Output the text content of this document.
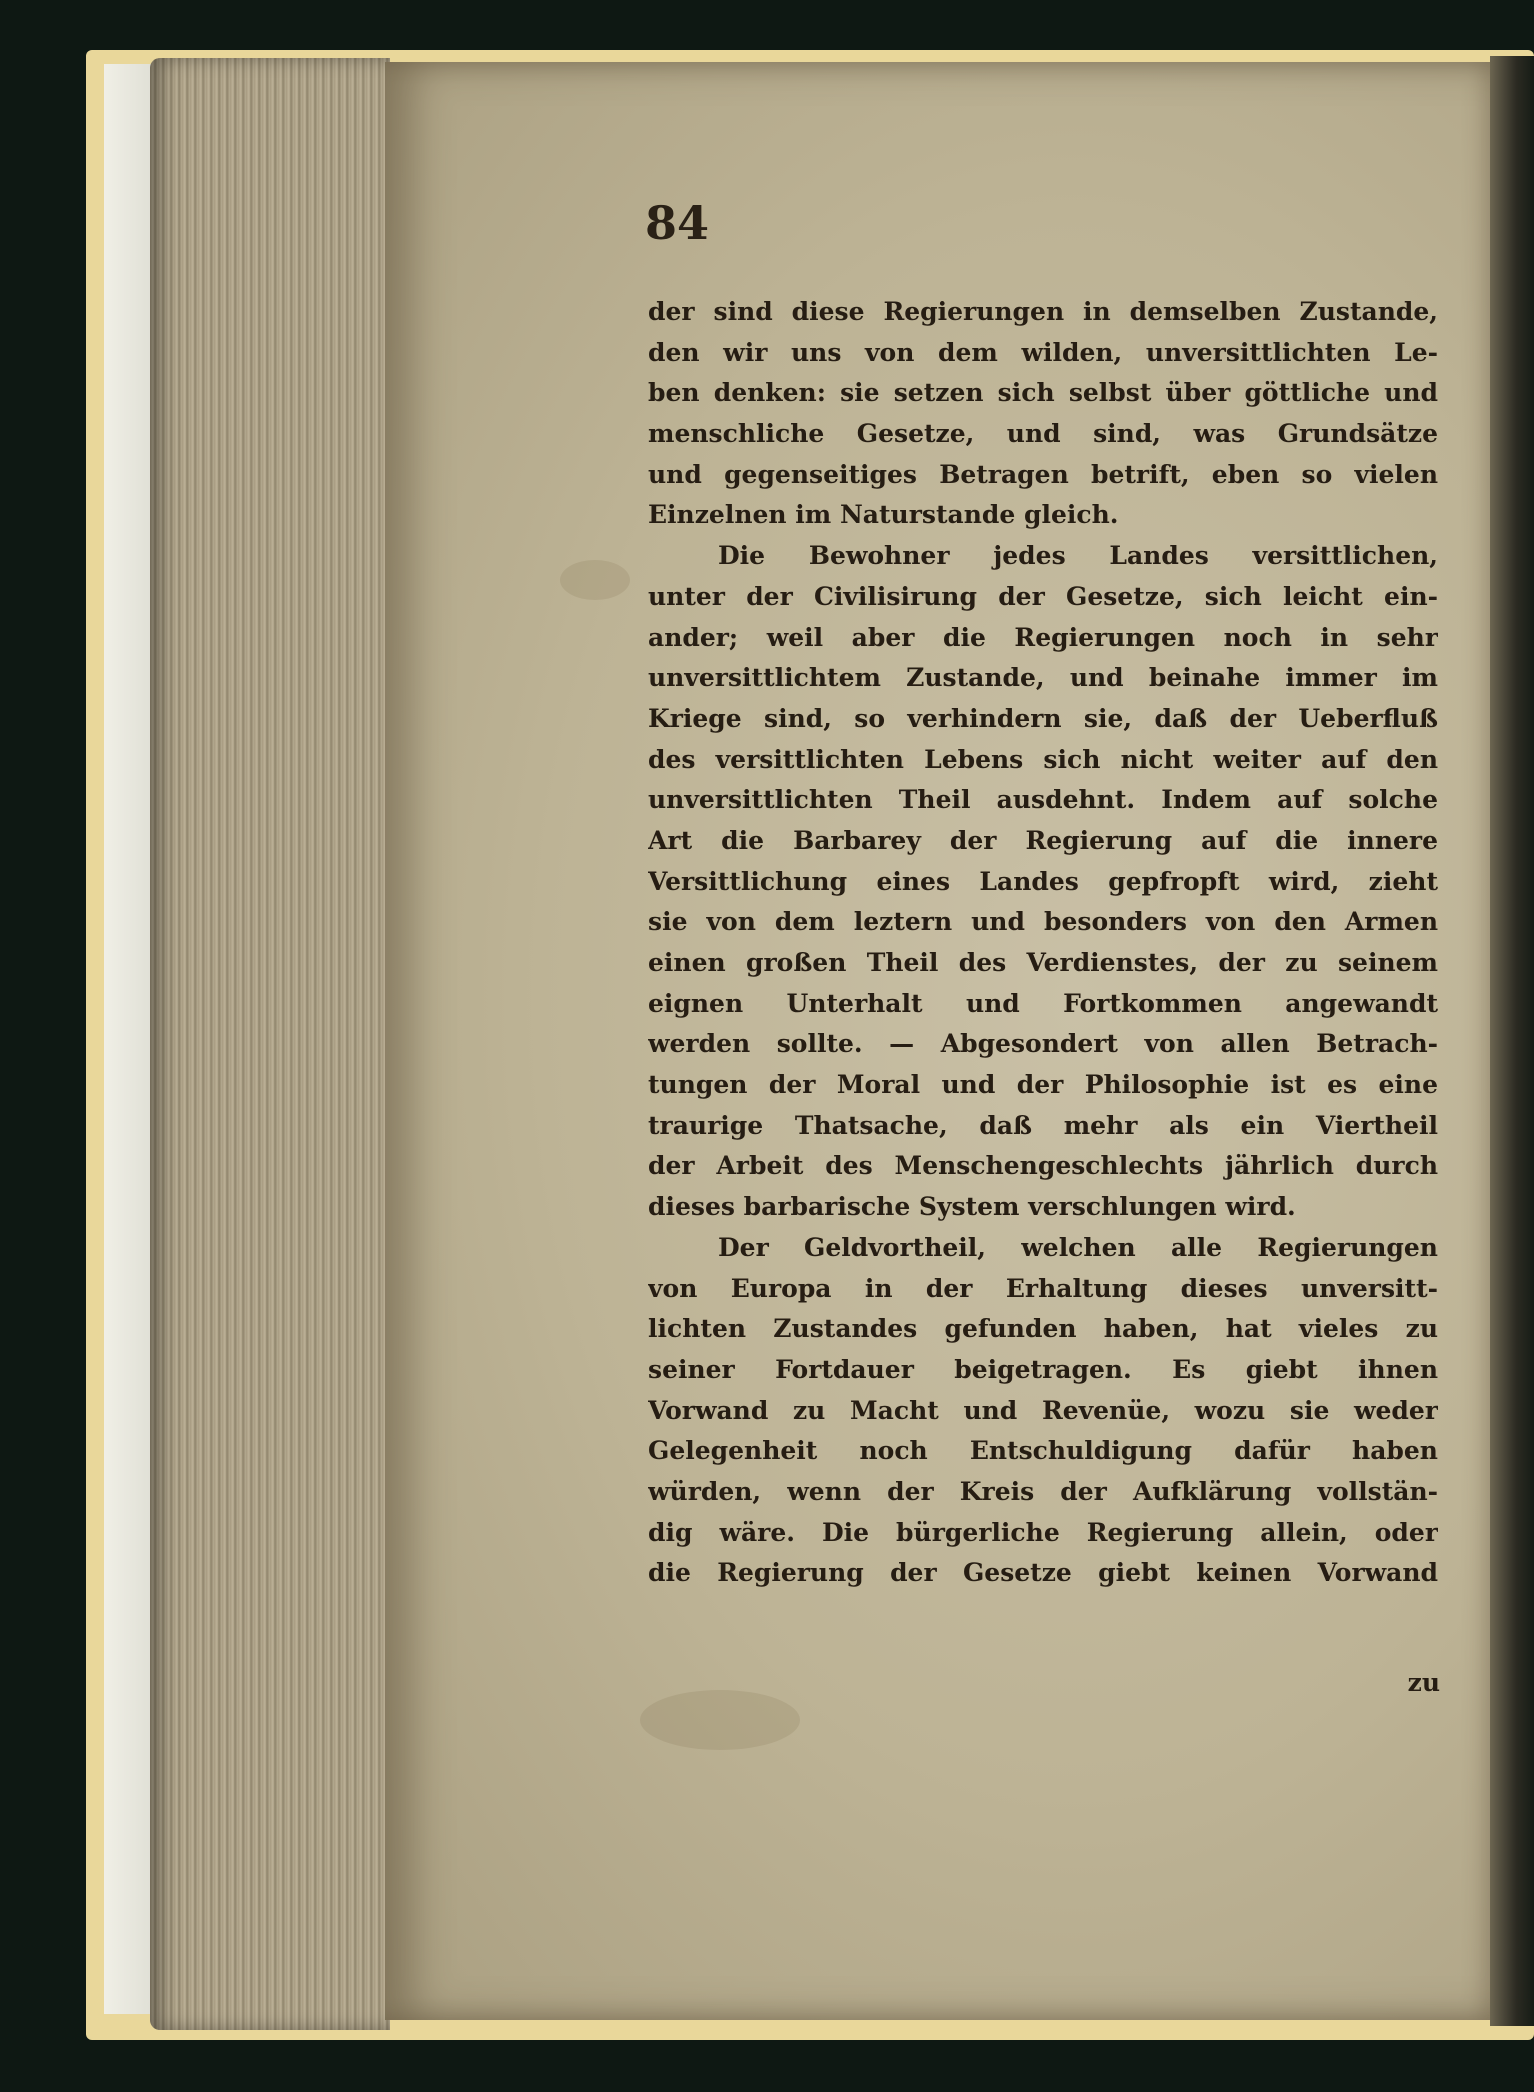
84

der sind diese Regierungen in demselben Zustande,
den wir uns von dem wilden, unversittlichten Le-
ben denken: sie setzen sich selbst über göttliche und
menschliche Gesetze, und sind, was Grundsätze
und gegenseitiges Betragen betrift, eben so vielen
Einzelnen im Naturstande gleich.
Die Bewohner jedes Landes versittlichen,
unter der Civilisirung der Gesetze, sich leicht ein-
ander; weil aber die Regierungen noch in sehr
unversittlichtem Zustande, und beinahe immer im
Kriege sind, so verhindern sie, daß der Ueberfluß
des versittlichten Lebens sich nicht weiter auf den
unversittlichten Theil ausdehnt. Indem auf solche
Art die Barbarey der Regierung auf die innere
Versittlichung eines Landes gepfropft wird, zieht
sie von dem leztern und besonders von den Armen
einen großen Theil des Verdienstes, der zu seinem
eignen Unterhalt und Fortkommen angewandt
werden sollte. — Abgesondert von allen Betrach-
tungen der Moral und der Philosophie ist es eine
traurige Thatsache, daß mehr als ein Viertheil
der Arbeit des Menschengeschlechts jährlich durch
dieses barbarische System verschlungen wird.
Der Geldvortheil, welchen alle Regierungen
von Europa in der Erhaltung dieses unversitt-
lichten Zustandes gefunden haben, hat vieles zu
seiner Fortdauer beigetragen. Es giebt ihnen
Vorwand zu Macht und Revenüe, wozu sie weder
Gelegenheit noch Entschuldigung dafür haben
würden, wenn der Kreis der Aufklärung vollstän-
dig wäre. Die bürgerliche Regierung allein, oder
die Regierung der Gesetze giebt keinen Vorwand

zu
